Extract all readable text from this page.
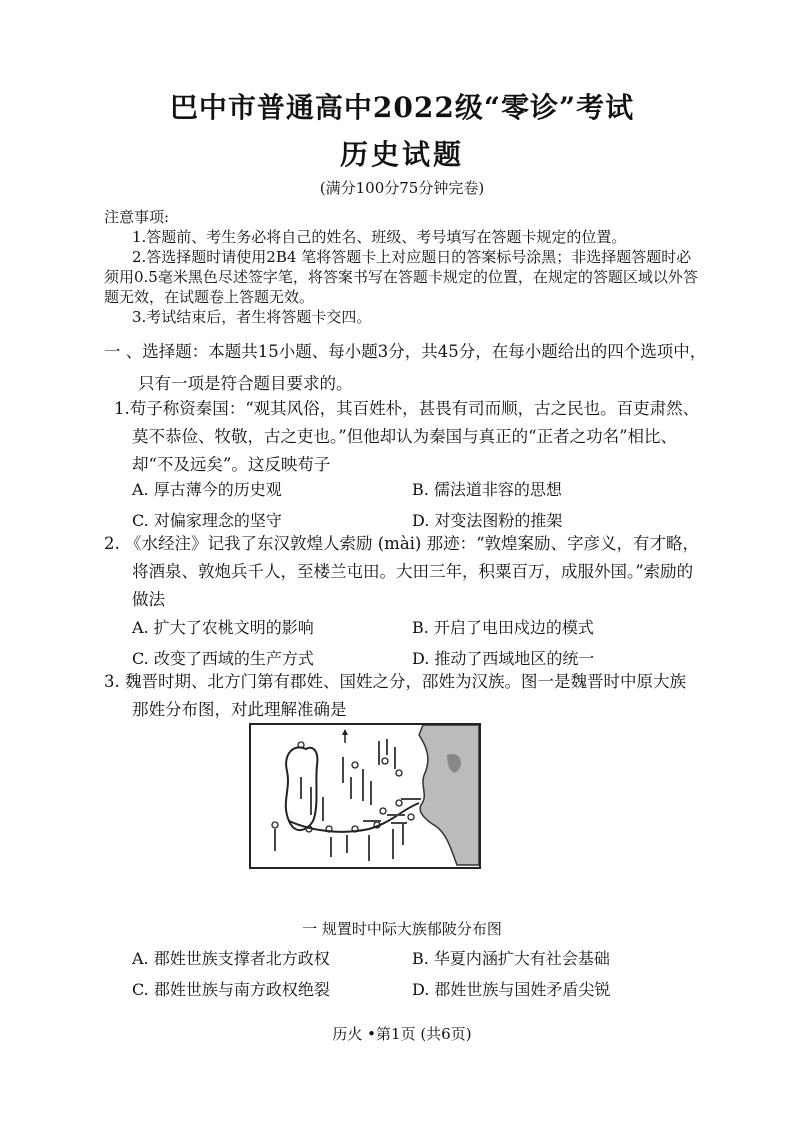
巴中市普通高中2022级“零诊”考试
历史试题
(满分100分75分钟完卷)

注意事项:

1.答题前、考生务必将自己的姓名、班级、考号填写在答题卡规定的位置。

2.答选择题时请使用2B4 笔将答题卡上对应题日的答案标号涂黑；非选择题答题时必须用0.5毫米黑色尽述签字笔，将答案书写在答题卡规定的位置，在规定的答题区域以外答题无效，在试题卷上答题无效。

3.考试结束后，者生将答题卡交四。

一 、选择题：本题共15小题、每小题3分，共45分，在每小题给出的四个选项中，

只有一项是符合题目要求的。

1.苟子称资秦国：“观其风俗，其百姓朴，甚畏有司而顺，古之民也。百吏肃然、

莫不恭俭、牧敬，古之吏也。”但他却认为秦国与真正的“正者之功名”相比、

却“不及远矣”。这反映苟子

A. 厚古薄今的历史观	B. 儒法道非容的思想
C. 对偏家理念的坚守	D. 对变法图粉的推架

2. 《水经注》记我了东汉敦煌人索励 (mài) 那迹：“敦煌案励、字彦义，有才略，

将酒泉、敦炮兵千人，至楼兰屯田。大田三年，积粟百万，成服外国。”索励的

做法

A. 扩大了农桃文明的影响	B. 开启了电田戍边的模式
C. 改变了西域的生产方式	D. 推动了西域地区的统一

3. 魏晋时期、北方门第有郡姓、国姓之分，邵姓为汉族。图一是魏晋时中原大族

那姓分布图，对此理解准确是

一 规置时中际大族郁陂分布图
A. 郡姓世族支撑者北方政权	B. 华夏内涵扩大有社会基础
C. 郡姓世族与南方政权绝裂	D. 郡姓世族与国姓矛盾尖锐
历火 •第1页 (共6页)
